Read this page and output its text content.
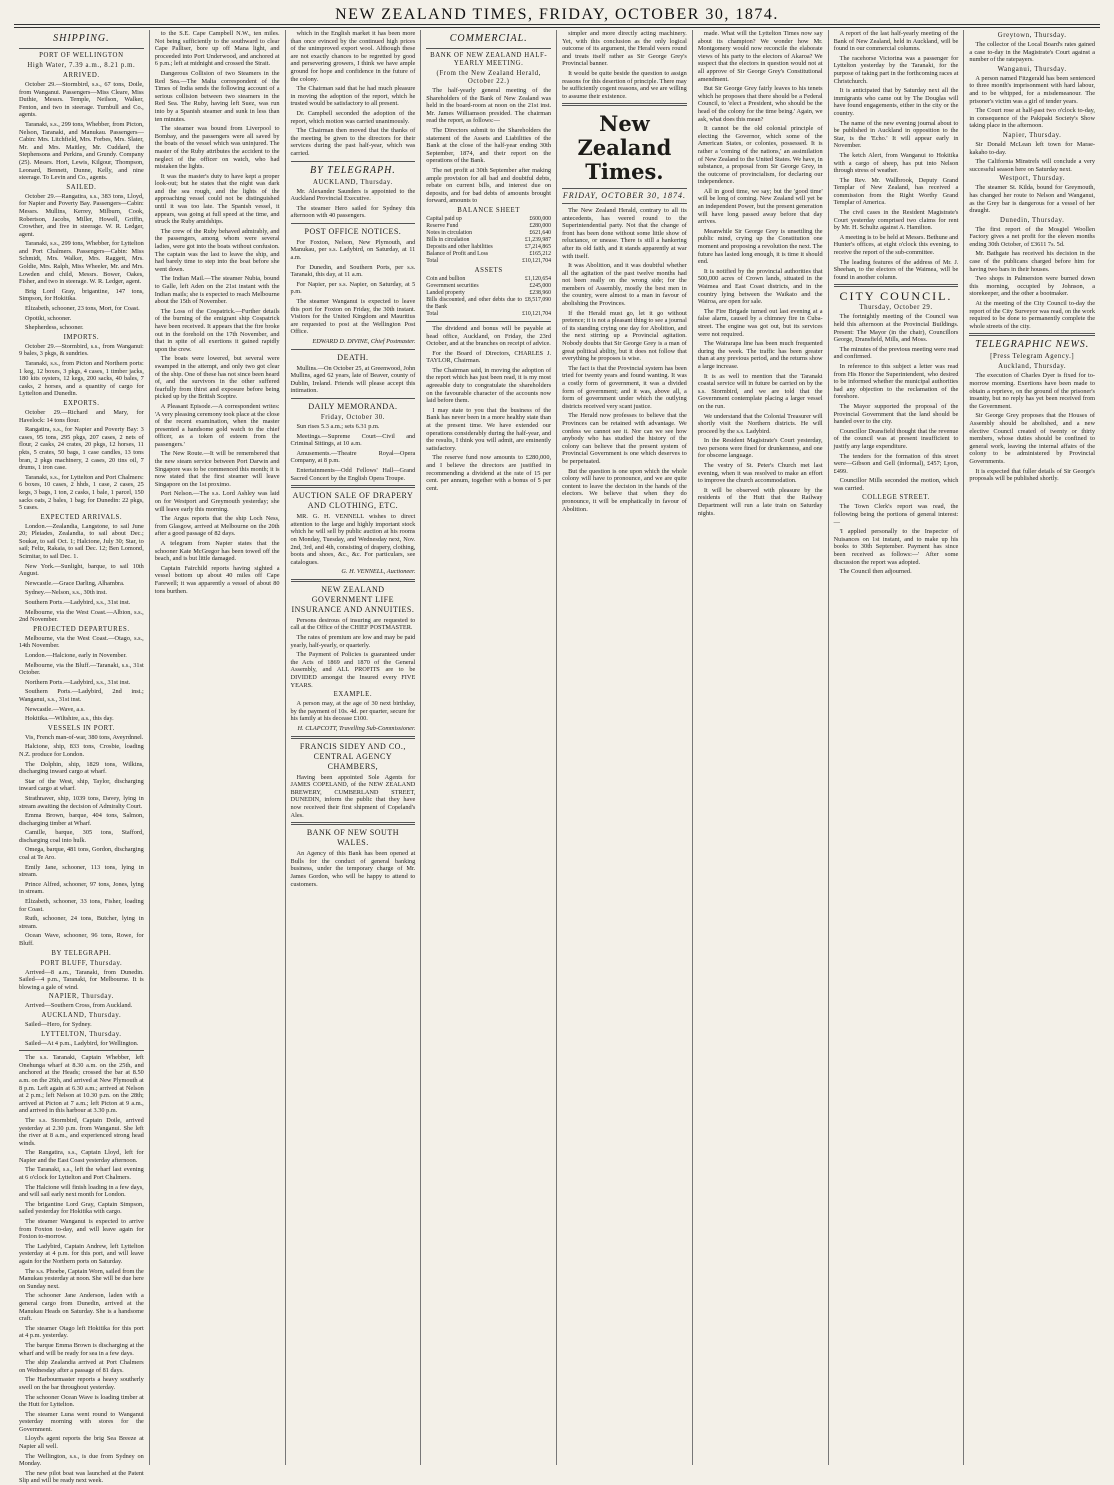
NEW ZEALAND TIMES, FRIDAY, OCTOBER 30, 1874.
SHIPPING.
PORT OF WELLINGTON
High Water, 7.39 a.m., 8.21 p.m.
ARRIVED.

October 29.—Stormbird, s.s., 67 tons, Doile, from Wanganui. Passengers—Miss Cleare, Miss Duthie, Messrs. Temple, Neilson, Walker, Fenton, and two in steerage. Turnbull and Co., agents.

Taranaki, s.s., 299 tons, Whebber, from Picton, Nelson, Taranaki, and Manukau. Passengers—Cabin: Mrs. Litchfield, Mrs. Forbes, Mrs. Slater, Mr. and Mrs. Maitley, Mr. Cuddard, the Stephensons and Perkins, and Grundy. Company (25). Messrs. Hort, Lewis, Kilgour, Thompson, Leonard, Bennett, Dunne, Kelly, and nine steerage. To Levin and Co., agents.

SAILED.

October 29.—Rangatira, s.s., 383 tons, Lloyd, for Napier and Poverty Bay. Passengers—Cabin: Messrs. Mullins, Kerrey, Milburn, Cook, Robertson, Jacobs, Miller, Howell, Griffin, Crowther, and five in steerage. W. R. Ledger, agent.

Taranaki, s.s., 299 tons, Whebber, for Lyttelton and Port Chalmers. Passengers—Cabin: Miss Schmidt, Mrs. Walker, Mrs. Raggett, Mrs. Goldie, Mrs. Ralph, Miss Wheeler, Mr. and Mrs. Lowden and child, Messrs. Bower, Oakes, Fisher, and two in steerage. W. R. Ledger, agent.

Brig Lord Gray, brigantine, 147 tons, Simpson, for Hokitika.

Elizabeth, schooner, 23 tons, Mort, for Coast.

Opotiki, schooner.

Shepherdess, schooner.

IMPORTS.

October 29.—Stormbird, s.s., from Wanganui: 9 bales, 3 pkgs, & sundries.

Taranaki, s.s., from Picton and Northern ports: 1 keg, 12 boxes, 3 pkgs, 4 cases, 1 timber jacks, 180 kits oysters, 12 kegs, 200 sacks, 40 bales, 7 casks, 2 horses, and a quantity of cargo for Lyttelton and Dunedin.

EXPORTS.

October 29.—Richard and Mary, for Havelock: 14 tons flour.

Rangatira, s.s., for Napier and Poverty Bay: 3 cases, 95 tons, 295 pkgs, 207 cases, 2 nets of flour, 2 casks, 24 crates, 20 pkgs, 12 horses, 11 pkts, 5 crates, 50 bags, 1 case candles, 13 tons bran, 2 pkgs machinery, 2 cases, 20 tins oil, 7 drums, 1 iron case.

Taranaki, s.s., for Lyttelton and Port Chalmers: 6 boxes, 10 cases, 2 hhds, 1 case, 2 cases, 25 kegs, 3 bags, 1 ton, 2 casks, 1 bale, 1 parcel, 150 sacks oats, 2 bales, 1 bag; for Dunedin: 22 pkgs, 5 cases.

EXPECTED ARRIVALS.

London.—Zealandia, Langstone, to sail June 20; Pleiades, Zealandia, to sail about Dec.; Soukar, to sail Oct. 1; Halcione, July 30; Star, to sail; Feliz, Rakaia, to sail Dec. 12; Ben Lomond, Scimitar, to sail Dec. 1.

New York.—Sunlight, barque, to sail 10th August.

Newcastle.—Grace Darling, Alhambra.

Sydney.—Nelson, s.s., 30th inst.

Southern Ports.—Ladybird, s.s., 31st inst.

Melbourne, via the West Coast.—Albion, s.s., 2nd November.

PROJECTED DEPARTURES.

Melbourne, via the West Coast.—Otago, s.s., 14th November.

London.—Halcione, early in November.

Melbourne, via the Bluff.—Taranaki, s.s., 31st October.

Northern Ports.—Ladybird, s.s., 31st inst.

Southern Ports.—Ladybird, 2nd inst.; Wanganui, s.s., 31st inst.

Newcastle.—Wave, a.s.

Hokitika.—Wiltshire, a.s., this day.

VESSELS IN PORT.

Vis, French man-of-war, 380 tons, Aveyrdnnel.

Halcione, ship, 833 tons, Crosbie, loading N.Z. produce for London.

The Dolphin, ship, 1829 tons, Wilkins, discharging inward cargo at wharf.

Star of the West, ship, Taylor, discharging inward cargo at wharf.

Strathnaver, ship, 1039 tons, Davey, lying in stream awaiting the decision of Admiralty Court.

Emma Brown, barque, 404 tons, Salmon, discharging timber at Wharf.

Camille, barque, 305 tons, Stafford, discharging coal into hulk.

Omega, barque, 481 tons, Gordon, discharging coal at Te Aro.

Emily Jane, schooner, 113 tons, lying in stream.

Prince Alfred, schooner, 97 tons, Jones, lying in stream.

Elizabeth, schooner, 33 tons, Fisher, loading for Coast.

Ruth, schooner, 24 tons, Butcher, lying in stream.

Ocean Wave, schooner, 96 tons, Rowe, for Bluff.

BY TELEGRAPH.
PORT BLUFF, Thursday.

Arrived—8 a.m., Taranaki, from Dunedin. Sailed—4 p.m., Taranaki, for Melbourne. It is blowing a gale of wind.

NAPIER, Thursday.

Arrived—Southern Cross, from Auckland.

AUCKLAND, Thursday.

Sailed—Hero, for Sydney.

LYTTELTON, Thursday.

Sailed—At 4 p.m., Ladybird, for Wellington.

The s.s. Taranaki, Captain Whebber, left Onehunga wharf at 8.30 a.m. on the 25th, and anchored at the Heads; crossed the bar at 8.50 a.m. on the 26th, and arrived at New Plymouth at 8 p.m. Left again at 6.30 a.m.; arrived at Nelson at 2 p.m.; left Nelson at 10.30 p.m. on the 28th; arrived at Picton at 7 a.m.; left Picton at 9 a.m., and arrived in this harbour at 3.30 p.m.

The s.s. Stormbird, Captain Doile, arrived yesterday at 2.30 p.m. from Wanganui. She left the river at 8 a.m., and experienced strong head winds.

The Rangatira, s.s., Captain Lloyd, left for Napier and the East Coast yesterday afternoon.

The Taranaki, s.s., left the wharf last evening at 6 o'clock for Lyttelton and Port Chalmers.

The Halcione will finish loading in a few days, and will sail early next month for London.

The brigantine Lord Gray, Captain Simpson, sailed yesterday for Hokitika with cargo.

The steamer Wanganui is expected to arrive from Foxton to-day, and will leave again for Foxton to-morrow.

The Ladybird, Captain Andrew, left Lyttelton yesterday at 4 p.m. for this port, and will leave again for the Northern ports on Saturday.

The s.s. Phoebe, Captain Worn, sailed from the Manukau yesterday at noon. She will be due here on Sunday next.

The schooner Jane Anderson, laden with a general cargo from Dunedin, arrived at the Manukau Heads on Saturday. She is a handsome craft.

The steamer Otago left Hokitika for this port at 4 p.m. yesterday.

The barque Emma Brown is discharging at the wharf and will be ready for sea in a few days.

The ship Zealandia arrived at Port Chalmers on Wednesday after a passage of 81 days.

The Harbourmaster reports a heavy southerly swell on the bar throughout yesterday.

The schooner Ocean Wave is loading timber at the Hutt for Lyttelton.

The steamer Luna went round to Wanganui yesterday morning with stores for the Government.

Lloyd's agent reports the brig Sea Breeze at Napier all well.

The Wellington, s.s., is due from Sydney on Monday.

The new pilot boat was launched at the Patent Slip and will be ready next week.

to the S.E. Cape Campbell N.W., ten miles. Not being sufficiently to the southward to clear Cape Palliser, bore up off Mana light, and proceeded into Port Underwood, and anchored at 6 p.m.; left at midnight and crossed the Strait.

Dangerous Collision of two Steamers in the Red Sea.—The Malta correspondent of the Times of India sends the following account of a serious collision between two steamers in the Red Sea. The Ruby, having left Suez, was run into by a Spanish steamer and sunk in less than ten minutes.

The steamer was bound from Liverpool to Bombay, and the passengers were all saved by the boats of the vessel which was uninjured. The master of the Ruby attributes the accident to the neglect of the officer on watch, who had mistaken the lights.

It was the master's duty to have kept a proper look-out; but he states that the night was dark and the sea rough, and the lights of the approaching vessel could not be distinguished until it was too late. The Spanish vessel, it appears, was going at full speed at the time, and struck the Ruby amidships.

The crew of the Ruby behaved admirably, and the passengers, among whom were several ladies, were got into the boats without confusion. The captain was the last to leave the ship, and had barely time to step into the boat before she went down.

The Indian Mail.—The steamer Nubia, bound to Galle, left Aden on the 21st instant with the Indian mails; she is expected to reach Melbourne about the 15th of November.

The Loss of the Cospatrick.—Further details of the burning of the emigrant ship Cospatrick have been received. It appears that the fire broke out in the forehold on the 17th November, and that in spite of all exertions it gained rapidly upon the crew.

The boats were lowered, but several were swamped in the attempt, and only two got clear of the ship. One of these has not since been heard of, and the survivors in the other suffered fearfully from thirst and exposure before being picked up by the British Sceptre.

A Pleasant Episode.—A correspondent writes: 'A very pleasing ceremony took place at the close of the recent examination, when the master presented a handsome gold watch to the chief officer, as a token of esteem from the passengers.'

The New Route.—It will be remembered that the new steam service between Port Darwin and Singapore was to be commenced this month; it is now stated that the first steamer will leave Singapore on the 1st proximo.

Port Nelson.—The s.s. Lord Ashley was laid on for Westport and Greymouth yesterday; she will leave early this morning.

The Argus reports that the ship Loch Ness, from Glasgow, arrived at Melbourne on the 20th after a good passage of 82 days.

A telegram from Napier states that the schooner Kate McGregor has been towed off the beach, and is but little damaged.

Captain Fairchild reports having sighted a vessel bottom up about 40 miles off Cape Farewell; it was apparently a vessel of about 80 tons burthen.

which in the English market it has been more than once evinced by the continued high prices of the unimproved export wool. Although these are not exactly chances to be regretted by good and persevering growers, I think we have ample ground for hope and confidence in the future of the colony.

The Chairman said that he had much pleasure in moving the adoption of the report, which he trusted would be satisfactory to all present.

Dr. Campbell seconded the adoption of the report, which motion was carried unanimously.

The Chairman then moved that the thanks of the meeting be given to the directors for their services during the past half-year, which was carried.

BY TELEGRAPH.
AUCKLAND, Thursday.

Mr. Alexander Saunders is appointed to the Auckland Provincial Executive.

The steamer Hero sailed for Sydney this afternoon with 40 passengers.

POST OFFICE NOTICES.

For Foxton, Nelson, New Plymouth, and Manukau, per s.s. Ladybird, on Saturday, at 11 a.m.

For Dunedin, and Southern Ports, per s.s. Taranaki, this day, at 11 a.m.

For Napier, per s.s. Napier, on Saturday, at 5 p.m.

The steamer Wanganui is expected to leave this port for Foxton on Friday, the 30th instant. Visitors for the United Kingdom and Mauritius are requested to post at the Wellington Post Office.

EDWARD D. DIVINE, Chief Postmaster.
DEATH.

Mullins.—On October 25, at Greenwood, John Mullins, aged 62 years, late of Beaver, county of Dublin, Ireland. Friends will please accept this intimation.

DAILY MEMORANDA.
Friday, October 30.

Sun rises 5.3 a.m.; sets 6.31 p.m.

Meetings.—Supreme Court—Civil and Criminal Sittings, at 10 a.m.

Amusements.—Theatre Royal—Opera Company, at 8 p.m.

Entertainments—Odd Fellows' Hall—Grand Sacred Concert by the English Opera Troupe.

AUCTION SALE OF DRAPERY AND CLOTHING, ETC.

MR. G. H. VENNELL wishes to direct attention to the large and highly important stock which he will sell by public auction at his rooms on Monday, Tuesday, and Wednesday next, Nov. 2nd, 3rd, and 4th, consisting of drapery, clothing, boots and shoes, &c., &c. For particulars, see catalogues.

G. H. VENNELL, Auctioneer.
NEW ZEALAND GOVERNMENT LIFE INSURANCE AND ANNUITIES.

Persons desirous of insuring are requested to call at the Office of the CHIEF POSTMASTER.

The rates of premium are low and may be paid yearly, half-yearly, or quarterly.

The Payment of Policies is guaranteed under the Acts of 1869 and 1870 of the General Assembly, and ALL PROFITS are to be DIVIDED amongst the Insured every FIVE YEARS.

EXAMPLE.

A person may, at the age of 30 next birthday, by the payment of 10s. 4d. per quarter, secure for his family at his decease £100.

H. CLAPCOTT, Travelling Sub-Commissioner.
FRANCIS SIDEY AND CO., CENTRAL AGENCY CHAMBERS,

Having been appointed Sole Agents for JAMES COPELAND, of the NEW ZEALAND BREWERY, CUMBERLAND STREET, DUNEDIN, inform the public that they have now received their first shipment of Copeland's Ales.

BANK OF NEW SOUTH WALES.

An Agency of this Bank has been opened at Bulls for the conduct of general banking business, under the temporary charge of Mr. James Gordon, who will be happy to attend to customers.

COMMERCIAL.
BANK OF NEW ZEALAND HALF-YEARLY MEETING.
(From the New Zealand Herald, October 22.)

The half-yearly general meeting of the Shareholders of the Bank of New Zealand was held in the board-room at noon on the 21st inst. Mr. James Williamson presided. The chairman read the report, as follows:—

The Directors submit to the Shareholders the statement of the Assets and Liabilities of the Bank at the close of the half-year ending 30th September, 1874, and their report on the operations of the Bank.

The net profit at 30th September after making ample provision for all bad and doubtful debts, rebate on current bills, and interest due on deposits, and for bad debts of amounts brought forward, amounts to

BALANCE SHEET
Capital paid up	£600,000
Reserve Fund	£280,000
Notes in circulation	£621,640
Bills in circulation	£1,239,987
Deposits and other liabilities	£7,214,865
Balance of Profit and Loss	£165,212
Total	£10,121,704
ASSETS
Coin and bullion	£1,120,654
Government securities	£245,000
Landed property	£238,960
Bills discounted, and other debts due to the Bank	£8,517,090
Total	£10,121,704

The dividend and bonus will be payable at head office, Auckland, on Friday, the 23rd October, and at the branches on receipt of advice.

For the Board of Directors, CHARLES J. TAYLOR, Chairman.

The Chairman said, in moving the adoption of the report which has just been read, it is my most agreeable duty to congratulate the shareholders on the favourable character of the accounts now laid before them.

I may state to you that the business of the Bank has never been in a more healthy state than at the present time. We have extended our operations considerably during the half-year, and the results, I think you will admit, are eminently satisfactory.

The reserve fund now amounts to £280,000, and I believe the directors are justified in recommending a dividend at the rate of 15 per cent. per annum, together with a bonus of 5 per cent.

simpler and more directly acting machinery. Yet, with this conclusion as the only logical outcome of its argument, the Herald veers round and treats itself rather as Sir George Grey's Provincial banner.

It would be quite beside the question to assign reasons for this desertion of principle. There may be sufficiently cogent reasons, and we are willing to assume their existence.

New Zealand Times.
FRIDAY, OCTOBER 30, 1874.

The New Zealand Herald, contrary to all its antecedents, has veered round to the Superintendential party. Not that the change of front has been done without some little show of reluctance, or unease. There is still a hankering after its old faith, and it stands apparently at war with itself.

It was Abolition, and it was doubtful whether all the agitation of the past twelve months had not been really on the wrong side; for the members of Assembly, mostly the best men in the country, were almost to a man in favour of abolishing the Provinces.

If the Herald must go, let it go without pretence; it is not a pleasant thing to see a journal of its standing crying one day for Abolition, and the next stirring up a Provincial agitation. Nobody doubts that Sir George Grey is a man of great political ability, but it does not follow that everything he proposes is wise.

The fact is that the Provincial system has been tried for twenty years and found wanting. It was a costly form of government, it was a divided form of government; and it was, above all, a form of government under which the outlying districts received very scant justice.

The Herald now professes to believe that the Provinces can be retained with advantage. We confess we cannot see it. Nor can we see how anybody who has studied the history of the colony can believe that the present system of Provincial Government is one which deserves to be perpetuated.

But the question is one upon which the whole colony will have to pronounce, and we are quite content to leave the decision in the hands of the electors. We believe that when they do pronounce, it will be emphatically in favour of Abolition.

made. What will the Lyttelton Times now say about its champion? We wonder how Mr. Montgomery would now reconcile the elaborate views of his party to the electors of Akaroa? We suspect that the electors in question would not at all approve of Sir George Grey's Constitutional amendment.

But Sir George Grey fairly leaves to his tenets which he proposes that there should be a Federal Council, to 'elect a President, who should be the head of the colony for the time being.' Again, we ask, what does this mean?

It cannot be the old colonial principle of electing the Governor, which some of the American States, or colonies, possessed. It is rather a 'coming of the nations,' an assimilation of New Zealand to the United States. We have, in substance, a proposal from Sir George Grey, in the outcome of provincialism, for declaring our independence.

All in good time, we say; but the 'good time' will be long of coming. New Zealand will yet be an independent Power, but the present generation will have long passed away before that day arrives.

Meanwhile Sir George Grey is unsettling the public mind, crying up the Constitution one moment and proposing a revolution the next. The future has lasted long enough, it is time it should end.

It is notified by the provincial authorities that 500,000 acres of Crown lands, situated in the Waimea and East Coast districts, and in the country lying between the Waikato and the Wairoa, are open for sale.

The Fire Brigade turned out last evening at a false alarm, caused by a chimney fire in Cuba-street. The engine was got out, but its services were not required.

The Wairarapa line has been much frequented during the week. The traffic has been greater than at any previous period, and the returns show a large increase.

It is as well to mention that the Taranaki coastal service will in future be carried on by the s.s. Stormbird, and we are told that the Government contemplate placing a larger vessel on the run.

We understand that the Colonial Treasurer will shortly visit the Northern districts. He will proceed by the s.s. Ladybird.

In the Resident Magistrate's Court yesterday, two persons were fined for drunkenness, and one for obscene language.

The vestry of St. Peter's Church met last evening, when it was resolved to make an effort to improve the church accommodation.

It will be observed with pleasure by the residents of the Hutt that the Railway Department will run a late train on Saturday nights.

A report of the last half-yearly meeting of the Bank of New Zealand, held in Auckland, will be found in our commercial columns.

The racehorse Victorina was a passenger for Lyttelton yesterday by the Taranaki, for the purpose of taking part in the forthcoming races at Christchurch.

It is anticipated that by Saturday next all the immigrants who came out by The Douglas will have found engagements, either in the city or the country.

The name of the new evening journal about to be published in Auckland in opposition to the Star, is the 'Echo.' It will appear early in November.

The ketch Alert, from Wanganui to Hokitika with a cargo of sheep, has put into Nelson through stress of weather.

The Rev. Mr. Wallbrook, Deputy Grand Templar of New Zealand, has received a commission from the Right Worthy Grand Templar of America.

The civil cases in the Resident Magistrate's Court yesterday comprised two claims for rent by Mr. H. Schultz against A. Hamilton.

A meeting is to be held at Messrs. Bethune and Hunter's offices, at eight o'clock this evening, to receive the report of the sub-committee.

The leading features of the address of Mr. J. Sheehan, to the electors of the Waimea, will be found in another column.

CITY COUNCIL.
Thursday, October 29.

The fortnightly meeting of the Council was held this afternoon at the Provincial Buildings. Present: The Mayor (in the chair), Councillors George, Dransfield, Mills, and Moss.

The minutes of the previous meeting were read and confirmed.

In reference to this subject a letter was read from His Honor the Superintendent, who desired to be informed whether the municipal authorities had any objection to the reclamation of the foreshore.

The Mayor supported the proposal of the Provincial Government that the land should be handed over to the city.

Councillor Dransfield thought that the revenue of the council was at present insufficient to justify any large expenditure.

The tenders for the formation of this street were—Gibson and Gell (informal), £457; Lyon, £499.

Councillor Mills seconded the motion, which was carried.

COLLEGE STREET.

The Town Clerk's report was read, the following being the portions of general interest:—

'I applied personally to the Inspector of Nuisances on 1st instant, and to make up his books to 30th September. Payment has since been received as follows:—' After some discussion the report was adopted.

The Council then adjourned.

Greytown, Thursday.

The collector of the Local Board's rates gained a case to-day in the Magistrate's Court against a number of the ratepayers.

Wanganui, Thursday.

A person named Fitzgerald has been sentenced to three month's imprisonment with hard labour, and to be whipped, for a misdemeanour. The prisoner's victim was a girl of tender years.

The Court rose at half-past two o'clock to-day, in consequence of the Pakipaki Society's Show taking place in the afternoon.

Napier, Thursday.

Sir Donald McLean left town for Marae-kakaho to-day.

The California Minstrels will conclude a very successful season here on Saturday next.

Westport, Thursday.

The steamer St. Kilda, bound for Greymouth, has changed her route to Nelson and Wanganui, as the Grey bar is dangerous for a vessel of her draught.

Dunedin, Thursday.

The first report of the Mosgiel Woollen Factory gives a net profit for the eleven months ending 30th October, of £3611 7s. 5d.

Mr. Bathgate has received his decision in the case of the publicans charged before him for having two bars in their houses.

Two shops in Palmerston were burned down this morning, occupied by Johnson, a storekeeper, and the other a bootmaker.

At the meeting of the City Council to-day the report of the City Surveyor was read, on the work required to be done to permanently complete the whole streets of the city.

TELEGRAPHIC NEWS.
[Press Telegram Agency.]
Auckland, Thursday.

The execution of Charles Dyer is fixed for to-morrow morning. Exertions have been made to obtain a reprieve, on the ground of the prisoner's insanity, but no reply has yet been received from the Government.

Sir George Grey proposes that the Houses of Assembly should be abolished, and a new elective Council created of twenty or thirty members, whose duties should be confined to general work, leaving the internal affairs of the colony to be administered by Provincial Governments.

It is expected that fuller details of Sir George's proposals will be published shortly.
